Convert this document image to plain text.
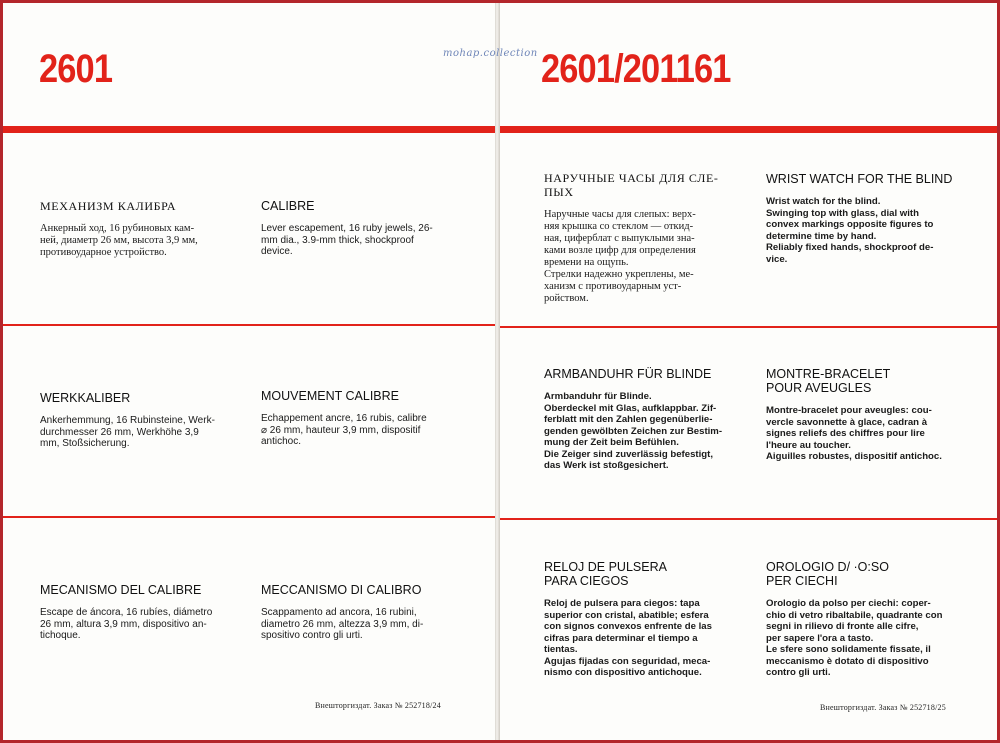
2601
МЕХАНИЗМ КАЛИБРА

Анкерный ход, 16 рубиновых кам-
ней, диаметр 26 мм, высота 3,9 мм,
противоударное устройство.

CALIBRE

Lever escapement, 16 ruby jewels, 26-
mm dia., 3.9-mm thick, shockproof
device.

WERKKALIBER

Ankerhemmung, 16 Rubinsteine, Werk-
durchmesser 26 mm, Werkhöhe 3,9
mm, Stoßsicherung.

MOUVEMENT CALIBRE

Echappement ancre, 16 rubis, calibre
⌀ 26 mm, hauteur 3,9 mm, dispositif
antichoc.

MECANISMO DEL CALIBRE

Escape de áncora, 16 rubíes, diámetro
26 mm, altura 3,9 mm, dispositivo an-
tichoque.

MECCANISMO DI CALIBRO

Scappamento ad ancora, 16 rubini,
diametro 26 mm, altezza 3,9 mm, di-
spositivo contro gli urti.

Внешторгиздат. Заказ № 252718/24
2601/201161
НАРУЧНЫЕ ЧАСЫ ДЛЯ СЛЕ-
ПЫХ

Наручные часы для слепых: верх-
няя крышка со стеклом — откид-
ная, циферблат с выпуклыми зна-
ками возле цифр для определения
времени на ощупь.
Стрелки надежно укреплены, ме-
ханизм с противоударным уст-
ройством.

WRIST WATCH FOR THE BLIND

Wrist watch for the blind.
Swinging top with glass, dial with
convex markings opposite figures to
determine time by hand.
Reliably fixed hands, shockproof de-
vice.

ARMBANDUHR FÜR BLINDE

Armbanduhr für Blinde.
Oberdeckel mit Glas, aufklappbar. Zif-
ferblatt mit den Zahlen gegenüberlie-
genden gewölbten Zeichen zur Bestim-
mung der Zeit beim Befühlen.
Die Zeiger sind zuverlässig befestigt,
das Werk ist stoßgesichert.

MONTRE-BRACELET
POUR AVEUGLES

Montre-bracelet pour aveugles: cou-
vercle savonnette à glace, cadran à
signes reliefs des chiffres pour lire
l'heure au toucher.
Aiguilles robustes, dispositif antichoc.

RELOJ DE PULSERA
PARA CIEGOS

Reloj de pulsera para ciegos: tapa
superior con cristal, abatible; esfera
con signos convexos enfrente de las
cifras para determinar el tiempo a
tientas.
Agujas fijadas con seguridad, meca-
nismo con dispositivo antichoque.

OROLOGIO D/ ·O:SO
PER CIECHI

Orologio da polso per ciechi: coper-
chio di vetro ribaltabile, quadrante con
segni in rilievo di fronte alle cifre,
per sapere l'ora a tasto.
Le sfere sono solidamente fissate, il
meccanismo è dotato di dispositivo
contro gli urti.

Внешторгиздат. Заказ № 252718/25
mohap.collection
